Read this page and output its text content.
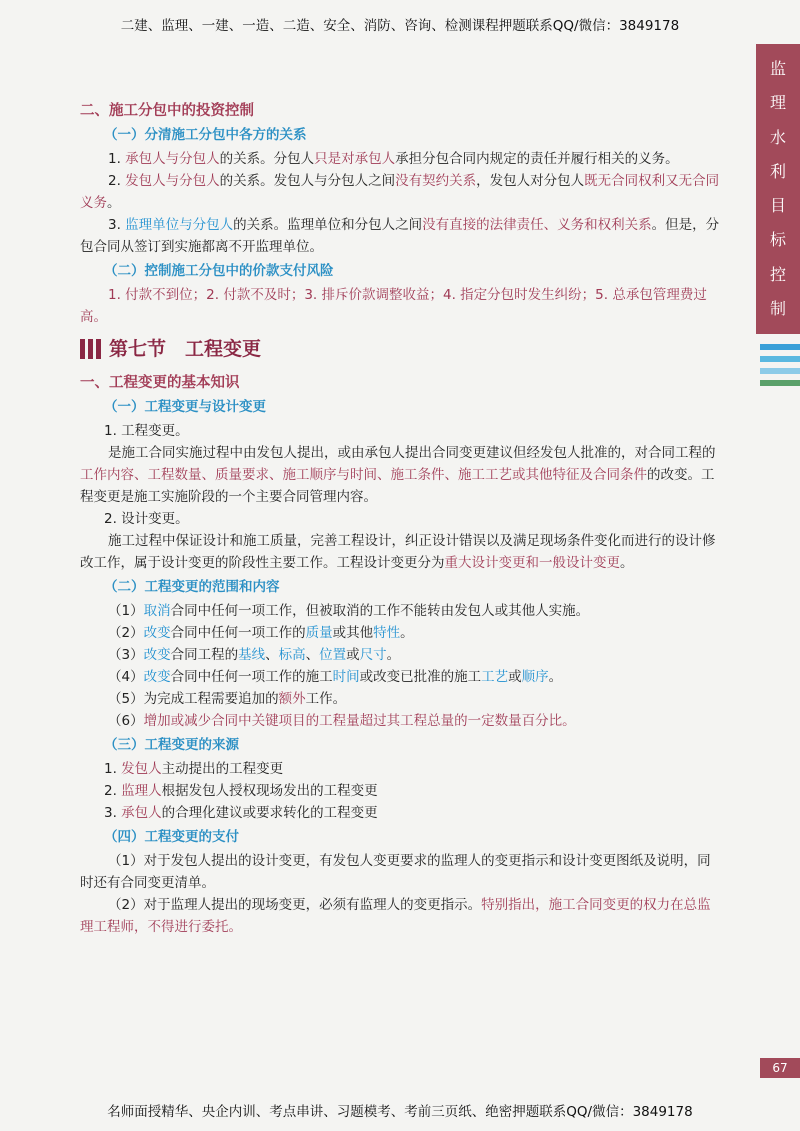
二建、监理、一建、一造、二造、安全、消防、咨询、检测课程押题联系QQ/微信：3849178
监
理
水
利
目
标
控
制

二、施工分包中的投资控制

（一）分清施工分包中各方的关系

1. 承包人与分包人的关系。分包人只是对承包人承担分包合同内规定的责任并履行相关的义务。

2. 发包人与分包人的关系。发包人与分包人之间没有契约关系，发包人对分包人既无合同权利又无合同义务。

3. 监理单位与分包人的关系。监理单位和分包人之间没有直接的法律责任、义务和权利关系。但是，分包合同从签订到实施都离不开监理单位。

（二）控制施工分包中的价款支付风险

1. 付款不到位；2. 付款不及时；3. 排斥价款调整收益；4. 指定分包时发生纠纷；5. 总承包管理费过高。

第七节　工程变更

一、工程变更的基本知识

（一）工程变更与设计变更

1. 工程变更。

是施工合同实施过程中由发包人提出，或由承包人提出合同变更建议但经发包人批准的，对合同工程的工作内容、工程数量、质量要求、施工顺序与时间、施工条件、施工工艺或其他特征及合同条件的改变。工程变更是施工实施阶段的一个主要合同管理内容。

2. 设计变更。

施工过程中保证设计和施工质量，完善工程设计，纠正设计错误以及满足现场条件变化而进行的设计修改工作，属于设计变更的阶段性主要工作。工程设计变更分为重大设计变更和一般设计变更。

（二）工程变更的范围和内容

（1）取消合同中任何一项工作，但被取消的工作不能转由发包人或其他人实施。

（2）改变合同中任何一项工作的质量或其他特性。

（3）改变合同工程的基线、标高、位置或尺寸。

（4）改变合同中任何一项工作的施工时间或改变已批准的施工工艺或顺序。

（5）为完成工程需要追加的额外工作。

（6）增加或减少合同中关键项目的工程量超过其工程总量的一定数量百分比。

（三）工程变更的来源

1. 发包人主动提出的工程变更

2. 监理人根据发包人授权现场发出的工程变更

3. 承包人的合理化建议或要求转化的工程变更

（四）工程变更的支付

（1）对于发包人提出的设计变更，有发包人变更要求的监理人的变更指示和设计变更图纸及说明，同时还有合同变更清单。

（2）对于监理人提出的现场变更，必须有监理人的变更指示。特别指出，施工合同变更的权力在总监理工程师，不得进行委托。

67
名师面授精华、央企内训、考点串讲、习题模考、考前三页纸、绝密押题联系QQ/微信：3849178
